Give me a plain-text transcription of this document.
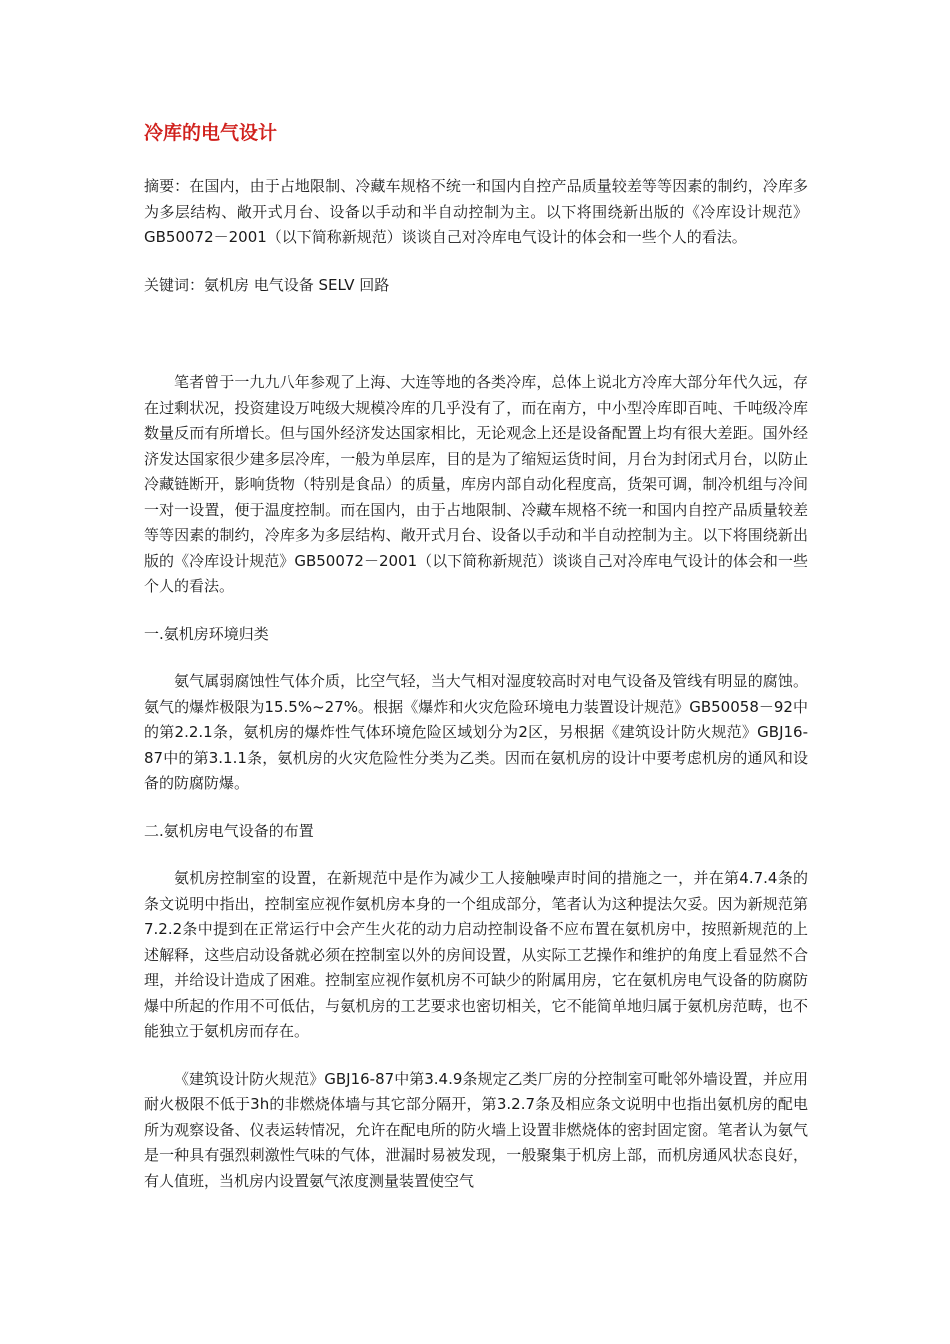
冷库的电气设计

摘要：在国内，由于占地限制、冷藏车规格不统一和国内自控产品质量较差等等因素的制约，冷库多为多层结构、敞开式月台、设备以手动和半自动控制为主。以下将围绕新出版的《冷库设计规范》GB50072－2001（以下简称新规范）谈谈自己对冷库电气设计的体会和一些个人的看法。

关键词：氨机房 电气设备 SELV 回路

笔者曾于一九九八年参观了上海、大连等地的各类冷库，总体上说北方冷库大部分年代久远，存在过剩状况，投资建设万吨级大规模冷库的几乎没有了，而在南方，中小型冷库即百吨、千吨级冷库数量反而有所增长。但与国外经济发达国家相比，无论观念上还是设备配置上均有很大差距。国外经济发达国家很少建多层冷库，一般为单层库，目的是为了缩短运货时间，月台为封闭式月台，以防止冷藏链断开，影响货物（特别是食品）的质量，库房内部自动化程度高，货架可调，制冷机组与冷间一对一设置，便于温度控制。而在国内，由于占地限制、冷藏车规格不统一和国内自控产品质量较差等等因素的制约，冷库多为多层结构、敞开式月台、设备以手动和半自动控制为主。以下将围绕新出版的《冷库设计规范》GB50072－2001（以下简称新规范）谈谈自己对冷库电气设计的体会和一些个人的看法。

一.氨机房环境归类

氨气属弱腐蚀性气体介质，比空气轻，当大气相对湿度较高时对电气设备及管线有明显的腐蚀。氨气的爆炸极限为15.5%~27%。根据《爆炸和火灾危险环境电力装置设计规范》GB50058－92中的第2.2.1条，氨机房的爆炸性气体环境危险区域划分为2区，另根据《建筑设计防火规范》GBJ16-87中的第3.1.1条，氨机房的火灾危险性分类为乙类。因而在氨机房的设计中要考虑机房的通风和设备的防腐防爆。

二.氨机房电气设备的布置

氨机房控制室的设置，在新规范中是作为减少工人接触噪声时间的措施之一，并在第4.7.4条的条文说明中指出，控制室应视作氨机房本身的一个组成部分，笔者认为这种提法欠妥。因为新规范第7.2.2条中提到在正常运行中会产生火花的动力启动控制设备不应布置在氨机房中，按照新规范的上述解释，这些启动设备就必须在控制室以外的房间设置，从实际工艺操作和维护的角度上看显然不合理，并给设计造成了困难。控制室应视作氨机房不可缺少的附属用房，它在氨机房电气设备的防腐防爆中所起的作用不可低估，与氨机房的工艺要求也密切相关，它不能简单地归属于氨机房范畴，也不能独立于氨机房而存在。

《建筑设计防火规范》GBJ16-87中第3.4.9条规定乙类厂房的分控制室可毗邻外墙设置，并应用耐火极限不低于3h的非燃烧体墙与其它部分隔开，第3.2.7条及相应条文说明中也指出氨机房的配电所为观察设备、仪表运转情况，允许在配电所的防火墙上设置非燃烧体的密封固定窗。笔者认为氨气是一种具有强烈刺激性气味的气体，泄漏时易被发现，一般聚集于机房上部，而机房通风状态良好，有人值班，当机房内设置氨气浓度测量装置使空气
